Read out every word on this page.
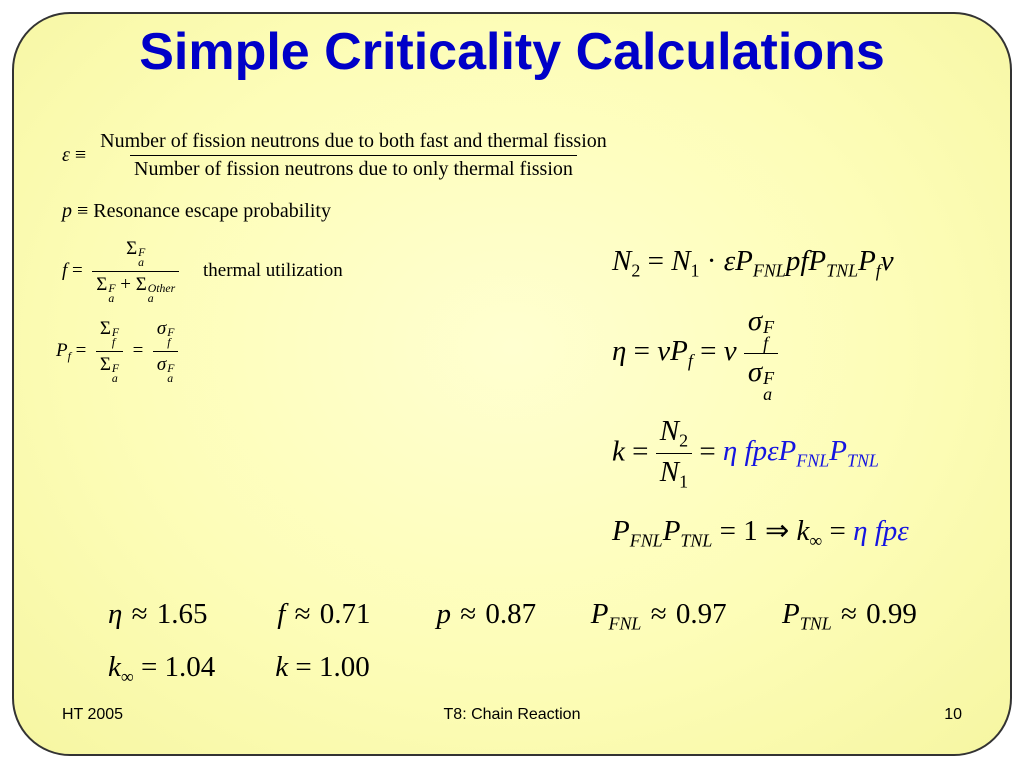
Simple Criticality Calculations
ε ≡
Number of fission neutrons due to both fast and thermal fission
Number of fission neutrons due to only thermal fission
p ≡ Resonance escape probability
f = Σ F
a
Σ F
a
+ Σ Other
a thermal utilization
$P_f = \Sigma$ F
f
Σ F
a = σ F
f
σ F
a
$N_2 = N_1 \cdot \varepsilon P_{FNL}pfP_{TNL}P_f\nu$
$\eta = \nu P_f = \nu$ σ F
f
σ F
a
$k = \frac{N_2}{N_1} = \eta$ $fp\varepsilon P_{FNL}P_{TNL}$
$P_{FNL}P_{TNL} = 1$ ⇒ $k_\infty = \eta$ fpε
η ≈ 1.65 f ≈ 0.71 p ≈ 0.87 $P_{FNL} \approx 0.97$ $P_{TNL} \approx 0.99$
$k_\infty = 1.04$ k = 1.00
HT 2005	T8: Chain Reaction	10
